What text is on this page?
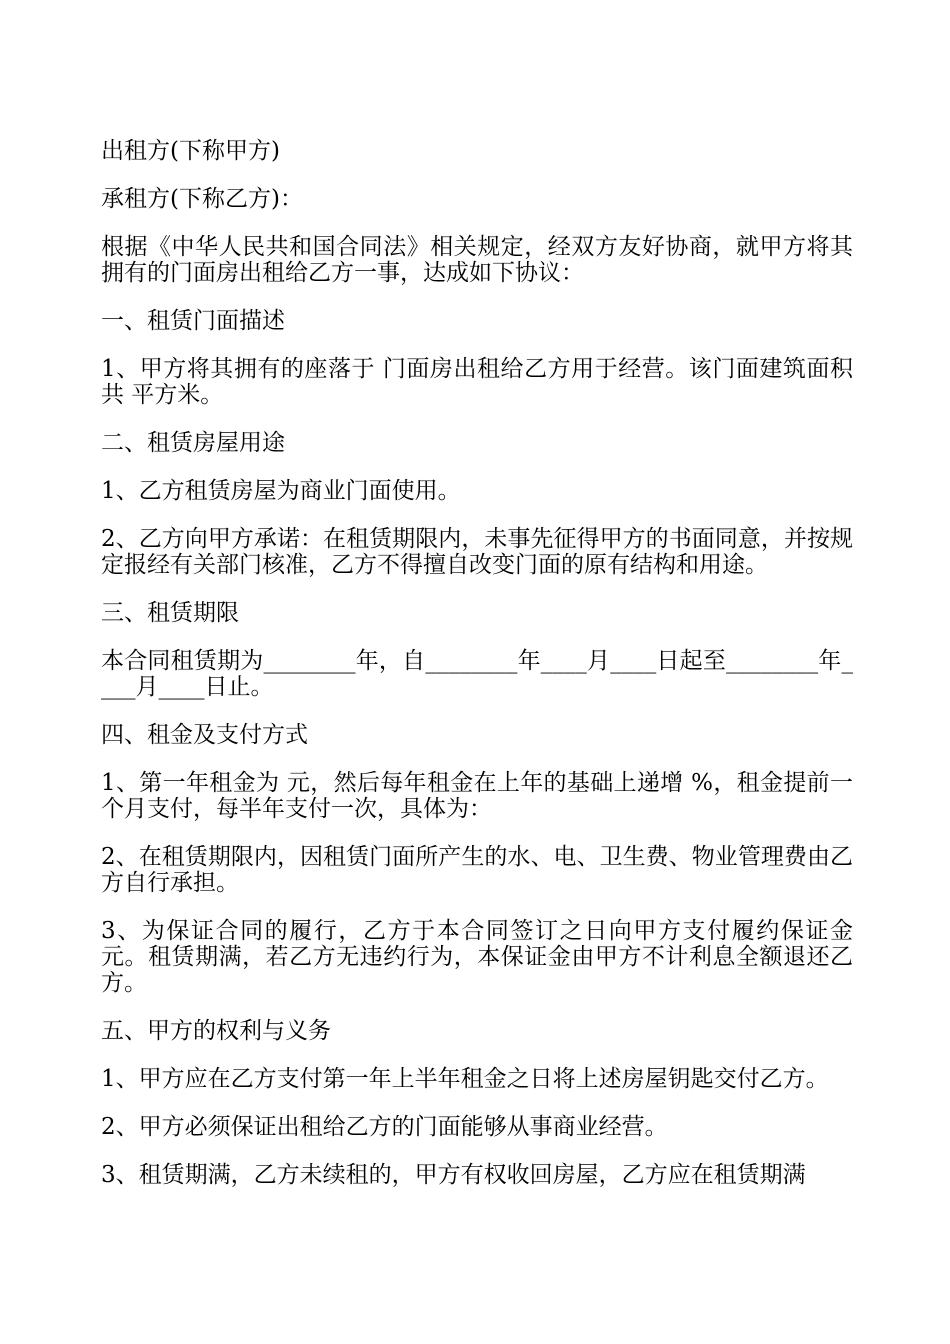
出租方(下称甲方)

承租方(下称乙方)：

根据《中华人民共和国合同法》相关规定，经双方友好协商，就甲方将其拥有的门面房出租给乙方一事，达成如下协议：

一、租赁门面描述

1、甲方将其拥有的座落于 门面房出租给乙方用于经营。该门面建筑面积共 平方米。

二、租赁房屋用途

1、乙方租赁房屋为商业门面使用。

2、乙方向甲方承诺：在租赁期限内，未事先征得甲方的书面同意，并按规定报经有关部门核准，乙方不得擅自改变门面的原有结构和用途。

三、租赁期限

本合同租赁期为________年，自________年____月____日起至________年____月____日止。

四、租金及支付方式

1、第一年租金为 元，然后每年租金在上年的基础上递增 %，租金提前一个月支付，每半年支付一次，具体为：

2、在租赁期限内，因租赁门面所产生的水、电、卫生费、物业管理费由乙方自行承担。

3、为保证合同的履行，乙方于本合同签订之日向甲方支付履约保证金 元。租赁期满，若乙方无违约行为，本保证金由甲方不计利息全额退还乙方。

五、甲方的权利与义务

1、甲方应在乙方支付第一年上半年租金之日将上述房屋钥匙交付乙方。

2、甲方必须保证出租给乙方的门面能够从事商业经营。

3、租赁期满，乙方未续租的，甲方有权收回房屋，乙方应在租赁期满
